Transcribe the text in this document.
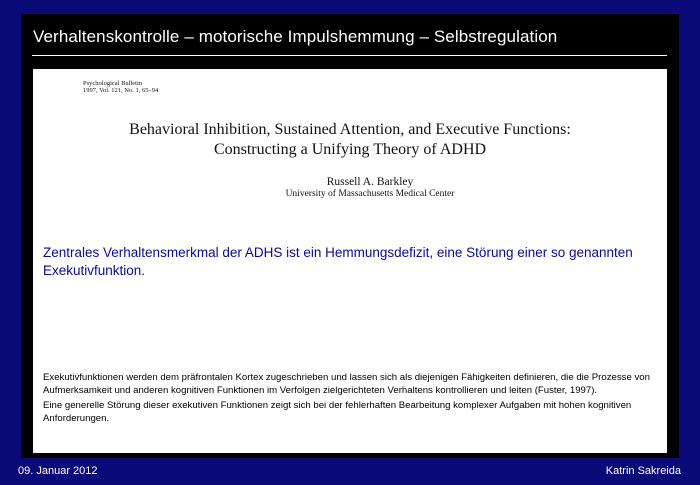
Verhaltenskontrolle – motorische Impulshemmung – Selbstregulation
Psychological Bulletin
1997, Vol. 121, No. 1, 65–94
Behavioral Inhibition, Sustained Attention, and Executive Functions:
Constructing a Unifying Theory of ADHD
Russell A. Barkley
University of Massachusetts Medical Center
Zentrales Verhaltensmerkmal der ADHS ist ein Hemmungsdefizit, eine Störung einer so genannten Exekutivfunktion.

Exekutivfunktionen werden dem präfrontalen Kortex zugeschrieben und lassen sich als diejenigen Fähigkeiten definieren, die die Prozesse von Aufmerksamkeit und anderen kognitiven Funktionen im Verfolgen zielgerichteten Verhaltens kontrollieren und leiten (Fuster, 1997).

Eine generelle Störung dieser exekutiven Funktionen zeigt sich bei der fehlerhaften Bearbeitung komplexer Aufgaben mit hohen kognitiven Anforderungen.

09. Januar 2012	Katrin Sakreida
